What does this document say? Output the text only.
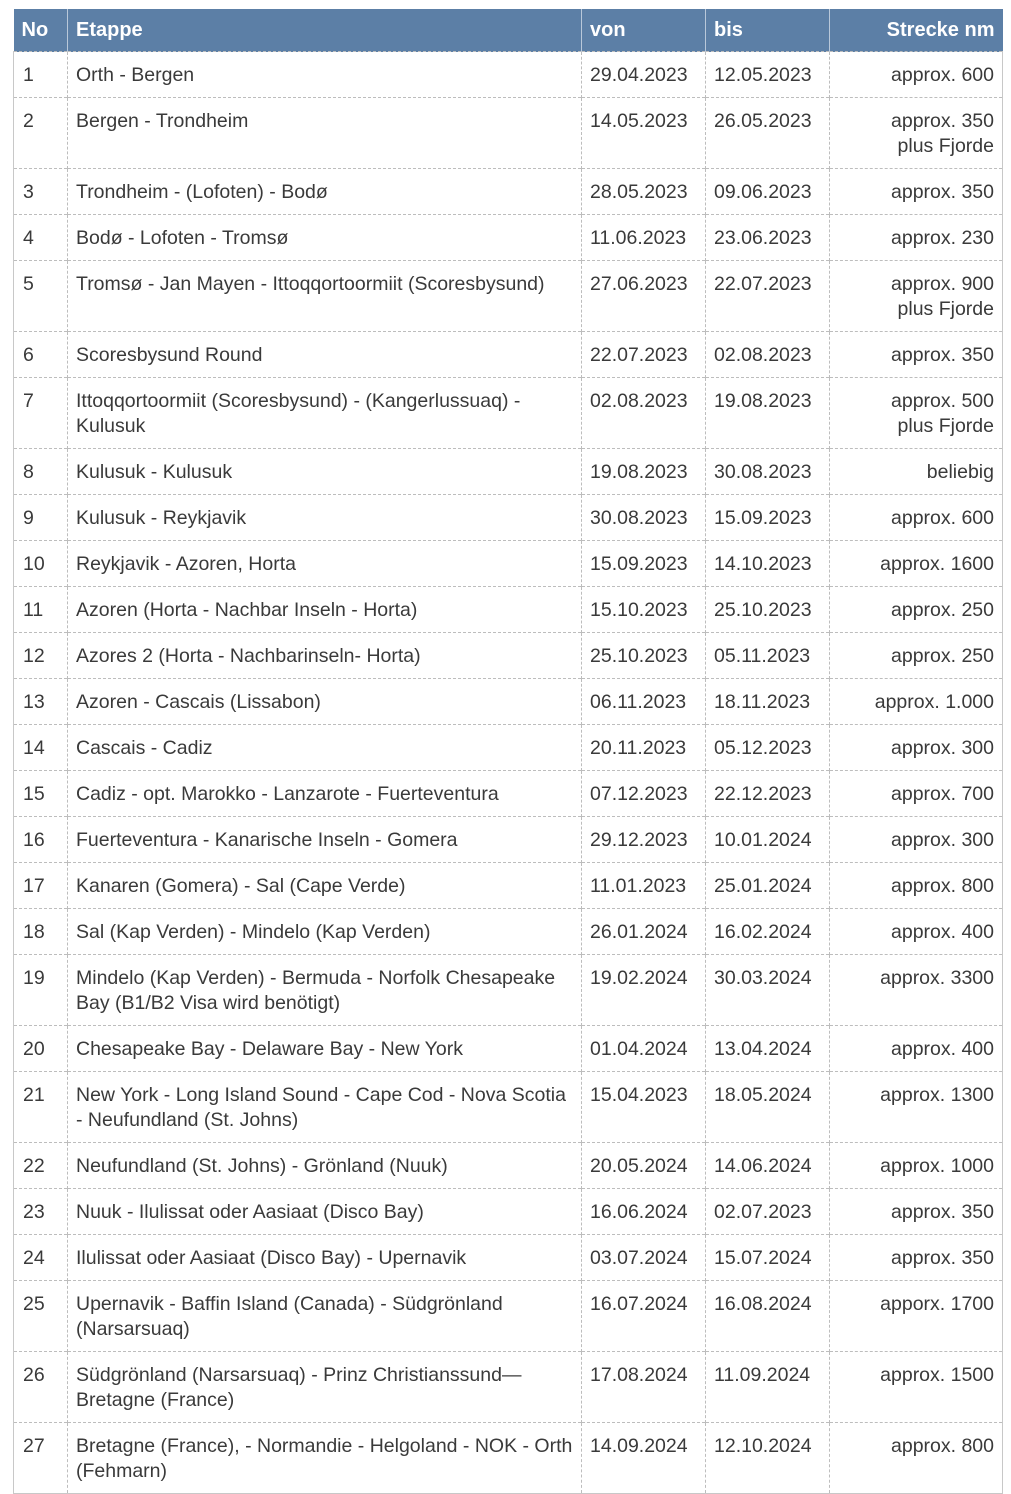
No	Etappe	von	bis	Strecke nm
1	Orth - Bergen	29.04.2023	12.05.2023	approx. 600

2	Bergen - Trondheim	14.05.2023	26.05.2023	approx. 350
plus Fjorde

3	Trondheim - (Lofoten) - Bodø	28.05.2023	09.06.2023	approx. 350

4	Bodø - Lofoten - Tromsø	11.06.2023	23.06.2023	approx. 230

5	Tromsø - Jan Mayen - Ittoqqortoormiit (Scoresbysund)	27.06.2023	22.07.2023	approx. 900
plus Fjorde

6	Scoresbysund Round	22.07.2023	02.08.2023	approx. 350

7	Ittoqqortoormiit (Scoresbysund) - (Kangerlussuaq) - Kulusuk	02.08.2023	19.08.2023	approx. 500
plus Fjorde

8	Kulusuk - Kulusuk	19.08.2023	30.08.2023	beliebig

9	Kulusuk - Reykjavik	30.08.2023	15.09.2023	approx. 600

10	Reykjavik - Azoren, Horta	15.09.2023	14.10.2023	approx. 1600

11	Azoren (Horta - Nachbar Inseln - Horta)	15.10.2023	25.10.2023	approx. 250

12	Azores 2 (Horta - Nachbarinseln- Horta)	25.10.2023	05.11.2023	approx. 250

13	Azoren - Cascais (Lissabon)	06.11.2023	18.11.2023	approx. 1.000

14	Cascais - Cadiz	20.11.2023	05.12.2023	approx. 300

15	Cadiz - opt. Marokko - Lanzarote - Fuerteventura	07.12.2023	22.12.2023	approx. 700

16	Fuerteventura - Kanarische Inseln - Gomera	29.12.2023	10.01.2024	approx. 300

17	Kanaren (Gomera) - Sal (Cape Verde)	11.01.2023	25.01.2024	approx. 800

18	Sal (Kap Verden) - Mindelo (Kap Verden)	26.01.2024	16.02.2024	approx. 400

19	Mindelo (Kap Verden) - Bermuda - Norfolk Chesapeake Bay (B1/B2 Visa wird benötigt)	19.02.2024	30.03.2024	approx. 3300

20	Chesapeake Bay - Delaware Bay - New York	01.04.2024	13.04.2024	approx. 400

21	New York - Long Island Sound - Cape Cod - Nova Scotia - Neufundland (St. Johns)	15.04.2023	18.05.2024	approx. 1300

22	Neufundland (St. Johns) - Grönland (Nuuk)	20.05.2024	14.06.2024	approx. 1000

23	Nuuk - Ilulissat oder Aasiaat (Disco Bay)	16.06.2024	02.07.2023	approx. 350

24	Ilulissat oder Aasiaat (Disco Bay) - Upernavik	03.07.2024	15.07.2024	approx. 350

25	Upernavik - Baffin Island (Canada) - Südgrönland (Narsarsuaq)	16.07.2024	16.08.2024	apporx. 1700

26	Südgrönland (Narsarsuaq) - Prinz Christianssund— Bretagne (France)	17.08.2024	11.09.2024	approx. 1500

27	Bretagne (France), - Normandie - Helgoland - NOK - Orth (Fehmarn)	14.09.2024	12.10.2024	approx. 800
